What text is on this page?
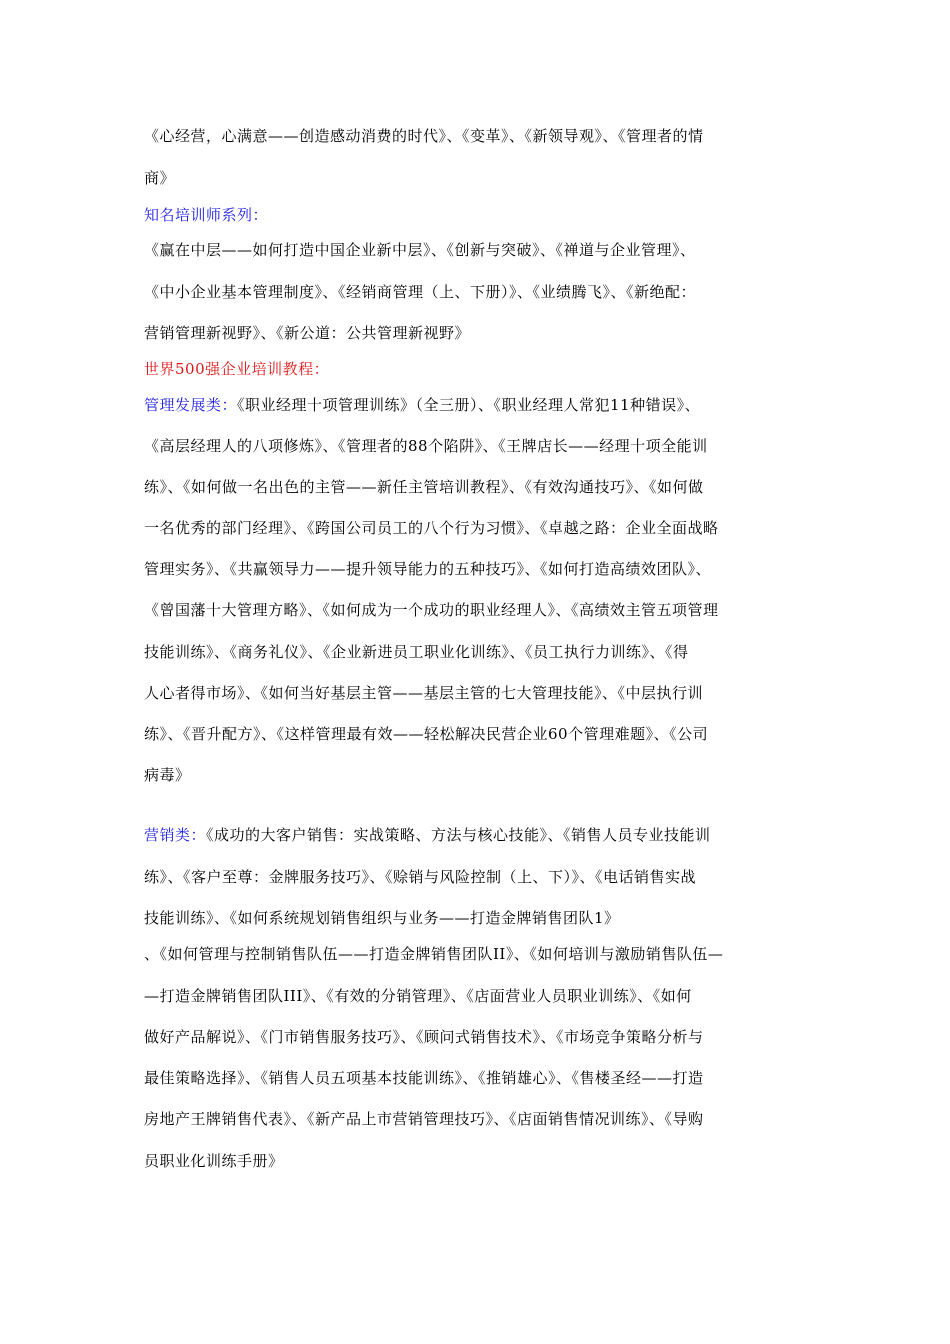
《心经营，心满意——创造感动消费的时代》、《变革》、《新领导观》、《管理者的情
商》
知名培训师系列：
《赢在中层——如何打造中国企业新中层》、《创新与突破》、《禅道与企业管理》、
《中小企业基本管理制度》、《经销商管理（上、下册）》、《业绩腾飞》、《新绝配：
营销管理新视野》、《新公道：公共管理新视野》
世界500强企业培训教程：
管理发展类：《职业经理十项管理训练》（全三册）、《职业经理人常犯11种错误》、
《高层经理人的八项修炼》、《管理者的88个陷阱》、《王牌店长——经理十项全能训
练》、《如何做一名出色的主管——新任主管培训教程》、《有效沟通技巧》、《如何做
一名优秀的部门经理》、《跨国公司员工的八个行为习惯》、《卓越之路：企业全面战略
管理实务》、《共赢领导力——提升领导能力的五种技巧》、《如何打造高绩效团队》、
《曾国藩十大管理方略》、《如何成为一个成功的职业经理人》、《高绩效主管五项管理
技能训练》、《商务礼仪》、《企业新进员工职业化训练》、《员工执行力训练》、《得
人心者得市场》、《如何当好基层主管——基层主管的七大管理技能》、《中层执行训
练》、《晋升配方》、《这样管理最有效——轻松解决民营企业60个管理难题》、《公司
病毒》
营销类：《成功的大客户销售：实战策略、方法与核心技能》、《销售人员专业技能训
练》、《客户至尊：金牌服务技巧》、《赊销与风险控制（上、下）》、《电话销售实战
技能训练》、《如何系统规划销售组织与业务——打造金牌销售团队1》
、《如何管理与控制销售队伍——打造金牌销售团队II》、《如何培训与激励销售队伍—
—打造金牌销售团队III》、《有效的分销管理》、《店面营业人员职业训练》、《如何
做好产品解说》、《门市销售服务技巧》、《顾问式销售技术》、《市场竞争策略分析与
最佳策略选择》、《销售人员五项基本技能训练》、《推销雄心》、《售楼圣经——打造
房地产王牌销售代表》、《新产品上市营销管理技巧》、《店面销售情况训练》、《导购
员职业化训练手册》
